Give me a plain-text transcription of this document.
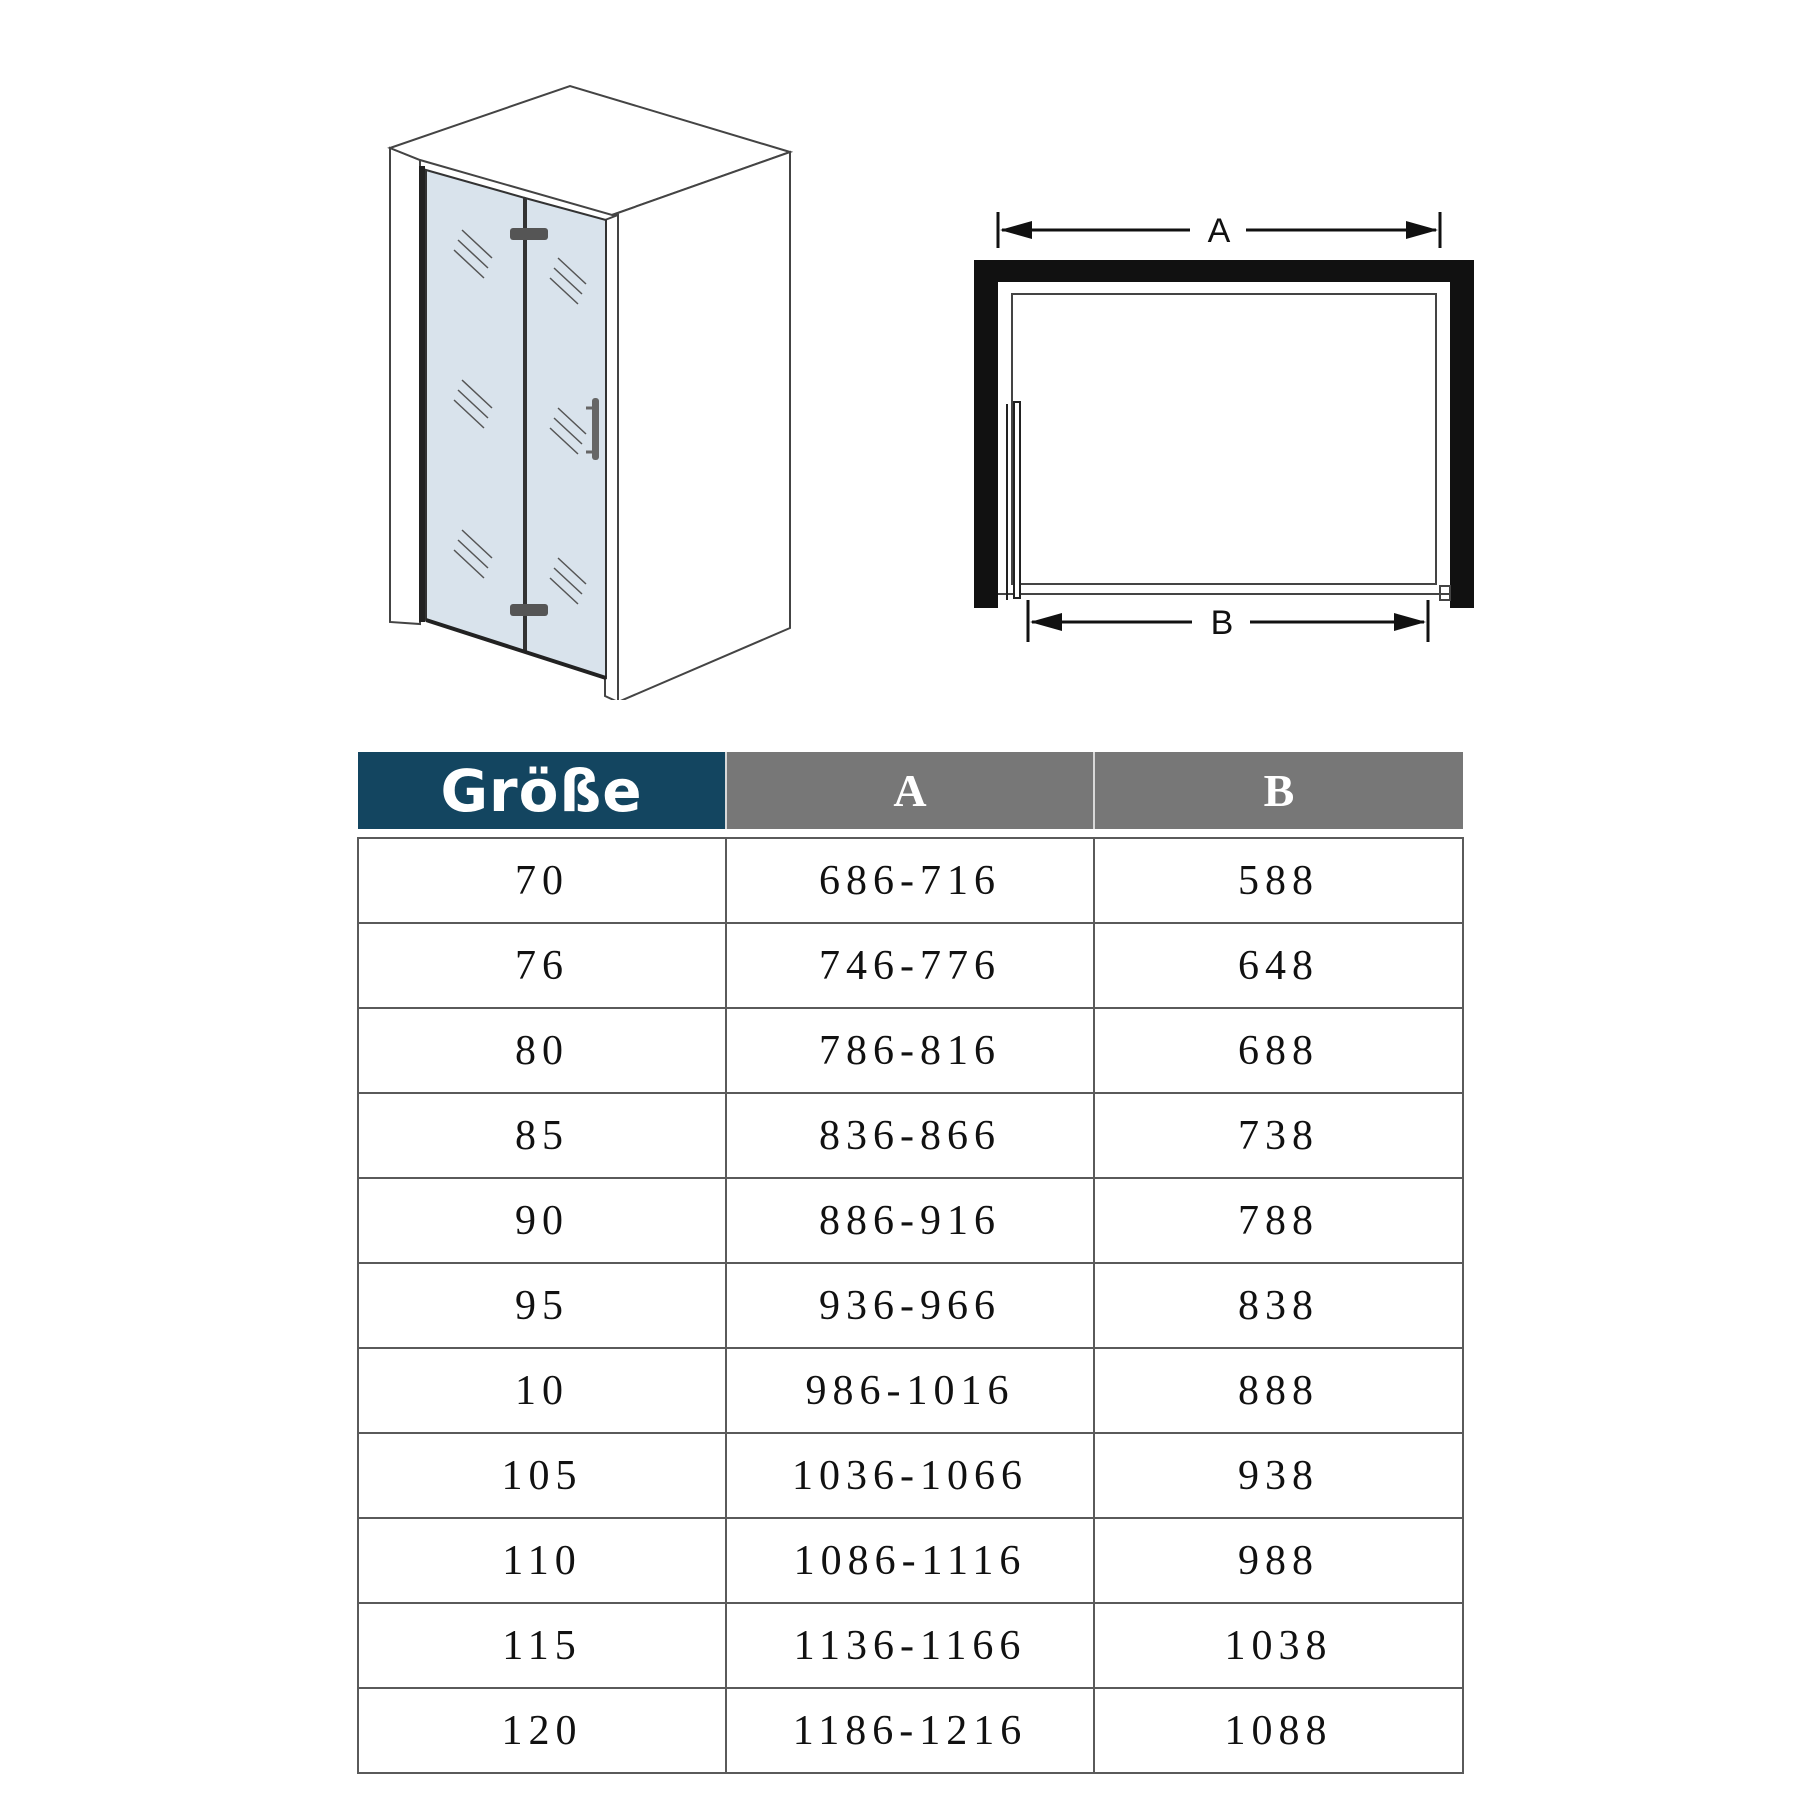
A
B
Größe	A	B

70	686-716	588
76	746-776	648
80	786-816	688
85	836-866	738
90	886-916	788
95	936-966	838
10	986-1016	888
105	1036-1066	938
110	1086-1116	988
115	1136-1166	1038
120	1186-1216	1088
